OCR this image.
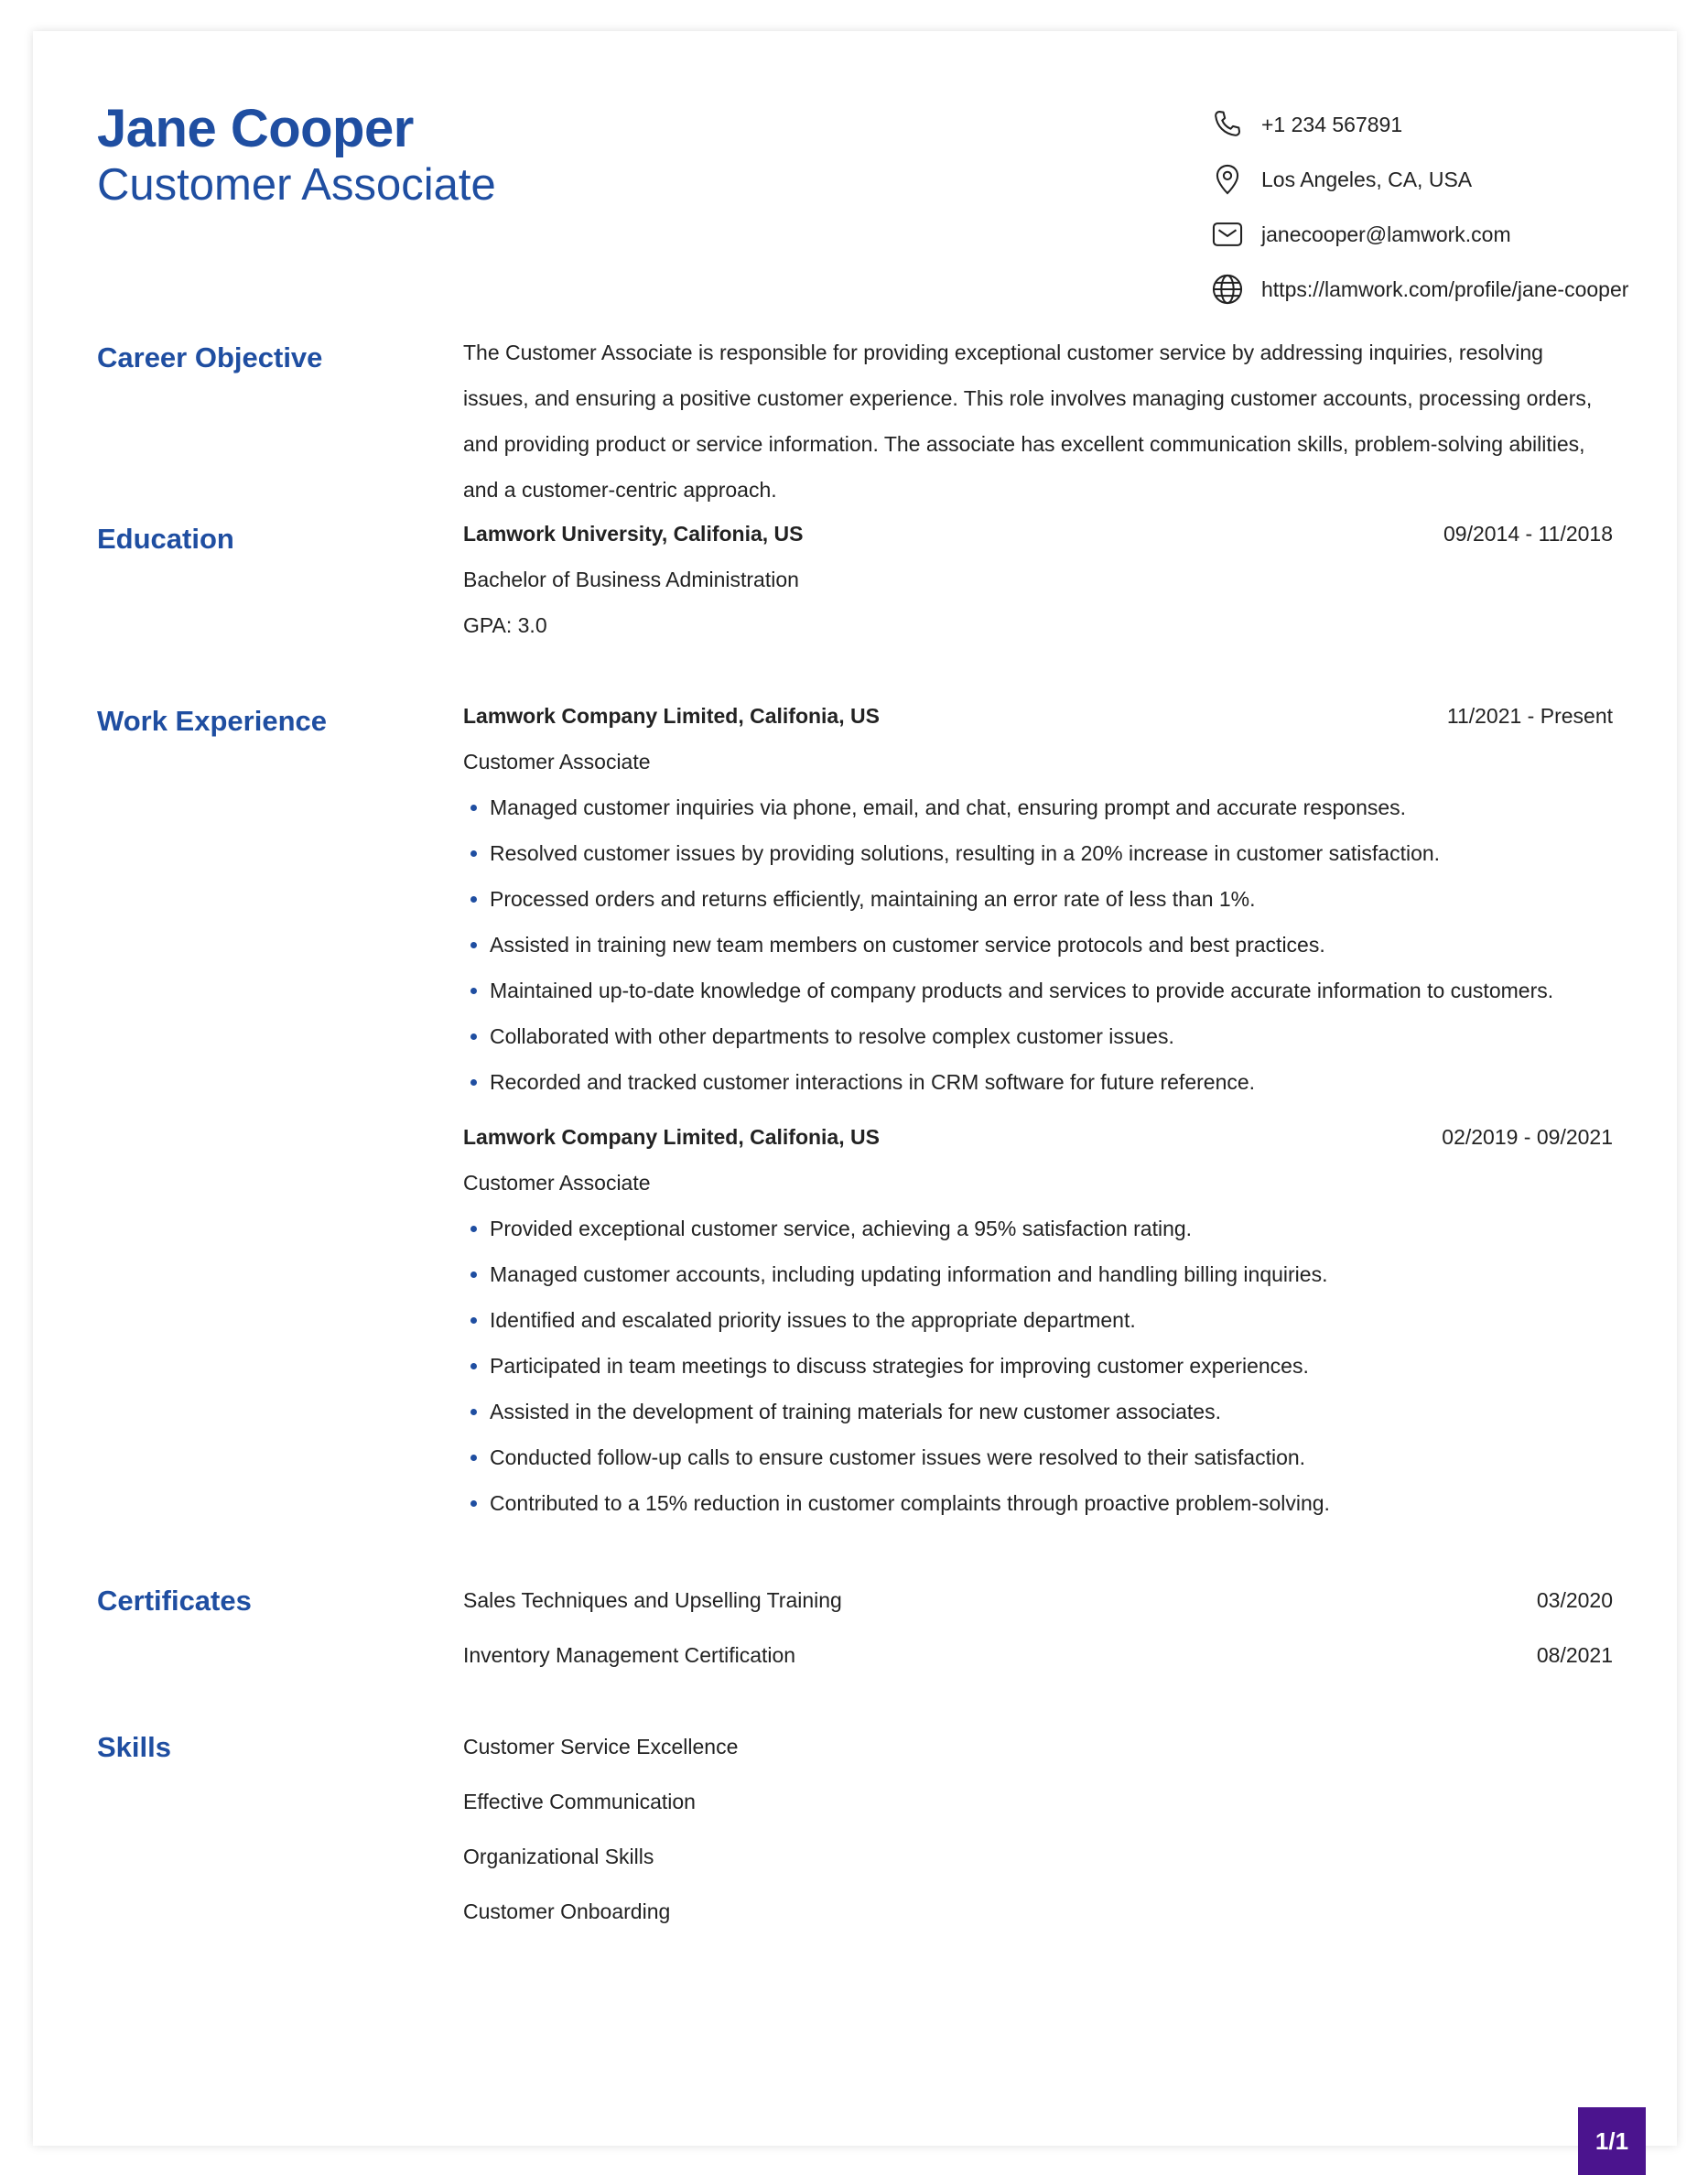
Jane Cooper
Customer Associate
+1 234 567891
Los Angeles, CA, USA
janecooper@lamwork.com
https://lamwork.com/profile/jane-cooper
Career Objective	The Customer Associate is responsible for providing exceptional customer service by addressing inquiries, resolving issues, and ensuring a positive customer experience. This role involves managing customer accounts, processing orders, and providing product or service information. The associate has excellent communication skills, problem-solving abilities, and a customer-centric approach.

Education	Lamwork University, Califonia, US	09/2014 - 11/2018
Bachelor of Business Administration
GPA: 3.0
Work Experience	Lamwork Company Limited, Califonia, US	11/2021 - Present
Customer Associate
Managed customer inquiries via phone, email, and chat, ensuring prompt and accurate responses.
Resolved customer issues by providing solutions, resulting in a 20% increase in customer satisfaction.
Processed orders and returns efficiently, maintaining an error rate of less than 1%.
Assisted in training new team members on customer service protocols and best practices.
Maintained up-to-date knowledge of company products and services to provide accurate information to customers.
Collaborated with other departments to resolve complex customer issues.
Recorded and tracked customer interactions in CRM software for future reference.
Lamwork Company Limited, Califonia, US	02/2019 - 09/2021
Customer Associate
Provided exceptional customer service, achieving a 95% satisfaction rating.
Managed customer accounts, including updating information and handling billing inquiries.
Identified and escalated priority issues to the appropriate department.
Participated in team meetings to discuss strategies for improving customer experiences.
Assisted in the development of training materials for new customer associates.
Conducted follow-up calls to ensure customer issues were resolved to their satisfaction.
Contributed to a 15% reduction in customer complaints through proactive problem-solving.
Certificates	Sales Techniques and Upselling Training	03/2020
Inventory Management Certification	08/2021
Skills	Customer Service Excellence
Effective Communication
Organizational Skills
Customer Onboarding
1/1
